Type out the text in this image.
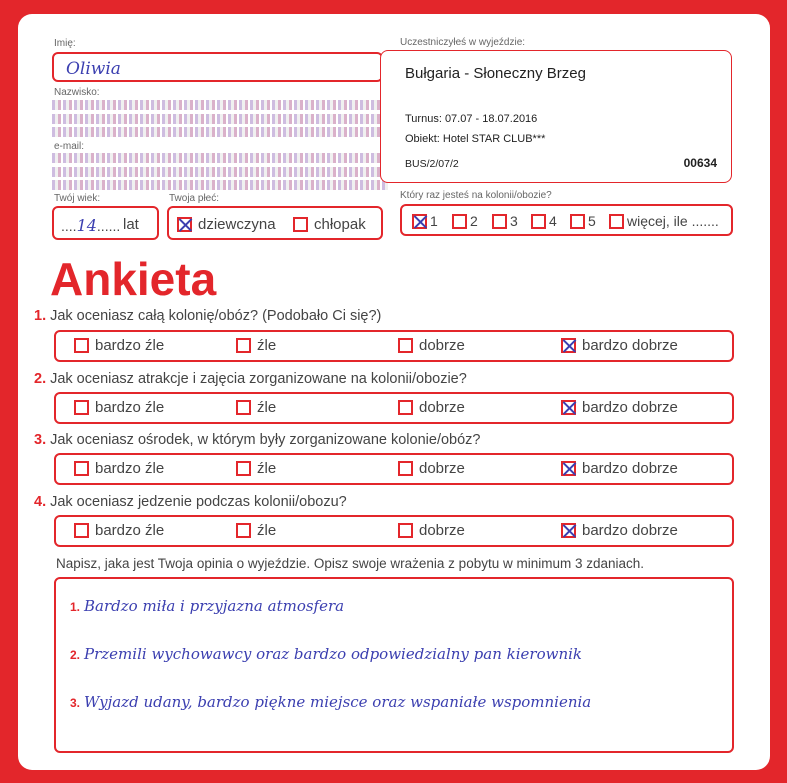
Imię:
Oliwia
Nazwisko:
e-mail:
Twój wiek:
....14...... lat
Twoja płeć:
dziewczyna	chłopak
Uczestniczyłeś w wyjeździe:
Bułgaria - Słoneczny Brzeg
Turnus: 07.07 - 18.07.2016
Obiekt: Hotel STAR CLUB***
BUS/2/07/2	00634
Który raz jesteś na kolonii/obozie?
1 2 3 4 5 więcej, ile .......
Ankieta
1. Jak oceniasz całą kolonię/obóz? (Podobało Ci się?)
bardzo źle	źle	dobrze	bardzo dobrze
2. Jak oceniasz atrakcje i zajęcia zorganizowane na kolonii/obozie?
bardzo źle	źle	dobrze	bardzo dobrze
3. Jak oceniasz ośrodek, w którym były zorganizowane kolonie/obóz?
bardzo źle	źle	dobrze	bardzo dobrze
4. Jak oceniasz jedzenie podczas kolonii/obozu?
bardzo źle	źle	dobrze	bardzo dobrze
Napisz, jaka jest Twoja opinia o wyjeździe. Opisz swoje wrażenia z pobytu w minimum 3 zdaniach.
1. Bardzo miła i przyjazna atmosfera
2. Przemili wychowawcy oraz bardzo odpowiedzialny pan kierownik
3. Wyjazd udany, bardzo piękne miejsce oraz wspaniałe wspomnienia
